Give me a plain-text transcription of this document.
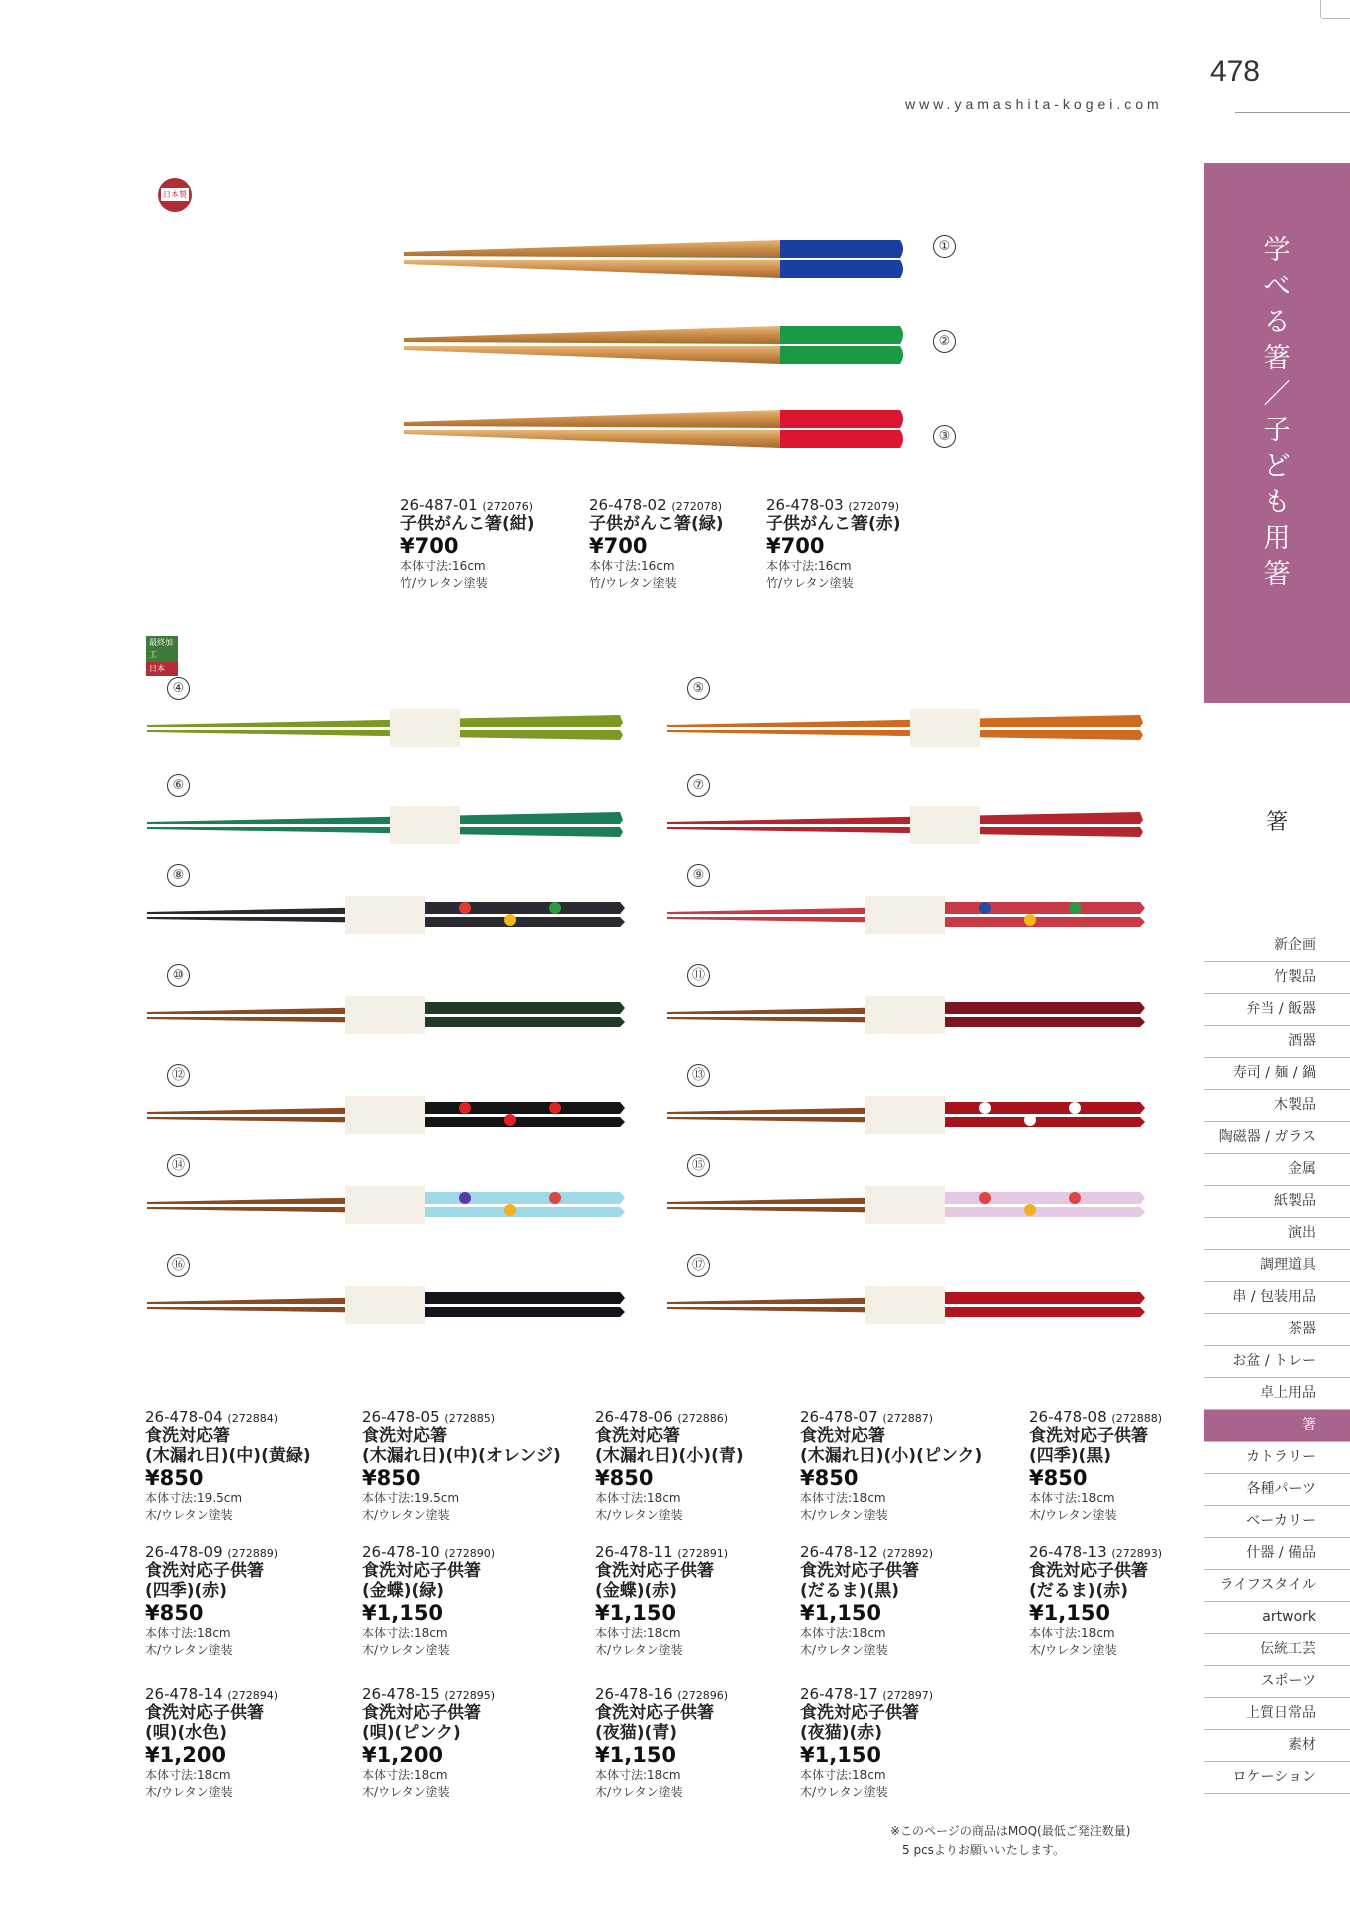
478
www.yamashita-kogei.com
学
べ
る
箸
／
子
ど
も
用
箸
箸
新企画
竹製品
弁当 / 飯器
酒器
寿司 / 麺 / 鍋
木製品
陶磁器 / ガラス
金属
紙製品
演出
調理道具
串 / 包装用品
茶器
お盆 / トレー
卓上用品
箸
カトラリー
各種パーツ
ベーカリー
什器 / 備品
ライフスタイル
artwork
伝統工芸
スポーツ
上質日常品
素材
ロケーション
日本製
最終加工
日本
①
②
③
26-487-01 (272076)
子供がんこ箸(紺)
¥700
本体寸法:16cm
竹/ウレタン塗装
26-478-02 (272078)
子供がんこ箸(緑)
¥700
本体寸法:16cm
竹/ウレタン塗装
26-478-03 (272079)
子供がんこ箸(赤)
¥700
本体寸法:16cm
竹/ウレタン塗装
④	⑤
⑥	⑦
⑧	⑨
⑩	⑪
⑫	⑬
⑭	⑮
⑯	⑰
26-478-04 (272884)
食洗対応箸
(木漏れ日)(中)(黄緑)
¥850
本体寸法:19.5cm
木/ウレタン塗装
26-478-05 (272885)
食洗対応箸
(木漏れ日)(中)(オレンジ)
¥850
本体寸法:19.5cm
木/ウレタン塗装
26-478-06 (272886)
食洗対応箸
(木漏れ日)(小)(青)
¥850
本体寸法:18cm
木/ウレタン塗装
26-478-07 (272887)
食洗対応箸
(木漏れ日)(小)(ピンク)
¥850
本体寸法:18cm
木/ウレタン塗装
26-478-08 (272888)
食洗対応子供箸
(四季)(黒)
¥850
本体寸法:18cm
木/ウレタン塗装
26-478-09 (272889)
食洗対応子供箸
(四季)(赤)
¥850
本体寸法:18cm
木/ウレタン塗装
26-478-10 (272890)
食洗対応子供箸
(金蝶)(緑)
¥1,150
本体寸法:18cm
木/ウレタン塗装
26-478-11 (272891)
食洗対応子供箸
(金蝶)(赤)
¥1,150
本体寸法:18cm
木/ウレタン塗装
26-478-12 (272892)
食洗対応子供箸
(だるま)(黒)
¥1,150
本体寸法:18cm
木/ウレタン塗装
26-478-13 (272893)
食洗対応子供箸
(だるま)(赤)
¥1,150
本体寸法:18cm
木/ウレタン塗装
26-478-14 (272894)
食洗対応子供箸
(唄)(水色)
¥1,200
本体寸法:18cm
木/ウレタン塗装
26-478-15 (272895)
食洗対応子供箸
(唄)(ピンク)
¥1,200
本体寸法:18cm
木/ウレタン塗装
26-478-16 (272896)
食洗対応子供箸
(夜猫)(青)
¥1,150
本体寸法:18cm
木/ウレタン塗装
26-478-17 (272897)
食洗対応子供箸
(夜猫)(赤)
¥1,150
本体寸法:18cm
木/ウレタン塗装
※このページの商品はMOQ(最低ご発注数量)
　5 pcsよりお願いいたします。
